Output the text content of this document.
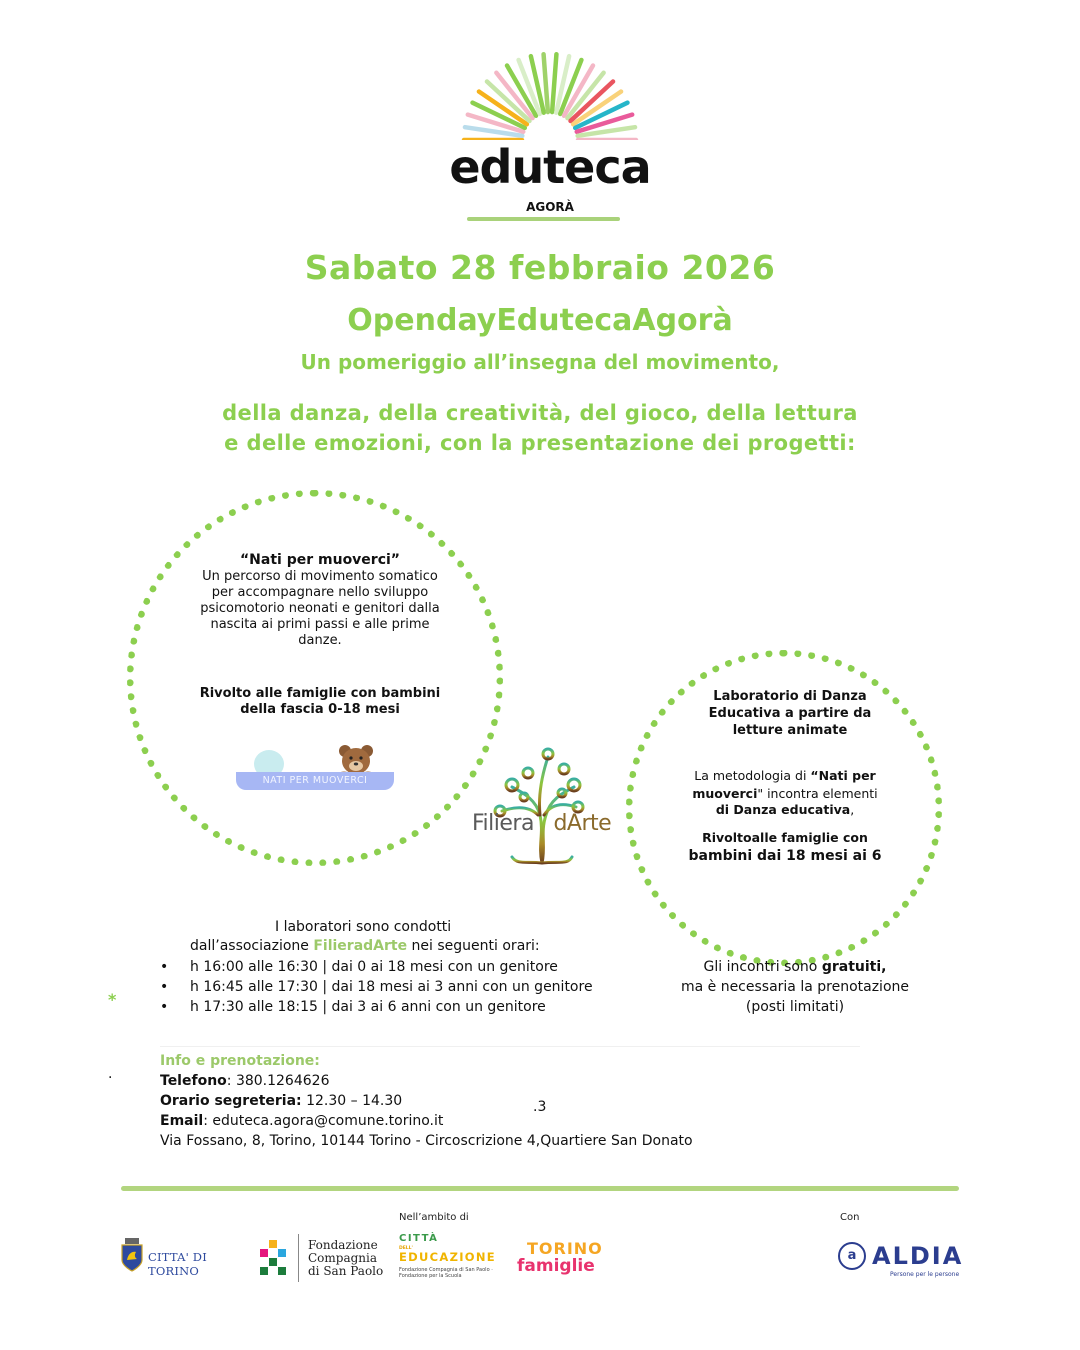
eduteca
AGORÀ
Sabato 28 febbraio 2026
OpendayEdutecaAgorà
Un pomeriggio all’insegna del movimento,
della danza, della creatività, del gioco, della lettura
e delle emozioni, con la presentazione dei progetti:
“Nati per muoverci”
Un percorso di movimento somatico per accompagnare nello sviluppo psicomotorio neonati e genitori dalla nascita ai primi passi e alle prime danze.
Rivolto alle famiglie con bambini
della fascia 0-18 mesi
NATI PER MUOVERCI
Filiera dArte
Laboratorio di Danza
Educativa a partire da
letture animate
La metodologia di “Nati per
muoverci" incontra elementi
di Danza educativa,
Rivoltoalle famiglie con
bambini dai 18 mesi ai 6
I laboratori sono condotti
dall’associazione FilieradArte nei seguenti orari:
• h 16:00 alle 16:30 | dai 0 ai 18 mesi con un genitore
• h 16:45 alle 17:30 | dai 18 mesi ai 3 anni con un genitore
• h 17:30 alle 18:15 | dai 3 ai 6 anni con un genitore
*
Gli incontri sono gratuiti,
ma è necessaria la prenotazione
(posti limitati)
.
Info e prenotazione:
Telefono: 380.1264626
Orario segreteria: 12.30 – 14.30
Email: eduteca.agora@comune.torino.it
Via Fossano, 8, Torino, 10144 Torino - Circoscrizione 4,Quartiere San Donato
.3
Nell’ambito di	Con
CITTA' DI TORINO
Fondazione
Compagnia
di San Paolo
CITTÀ
DELL'
EDUCAZIONE
Fondazione Compagnia di San Paolo · Fondazione per la Scuola
TORINO
famiglie
a ALDIA
Persone per le persone
